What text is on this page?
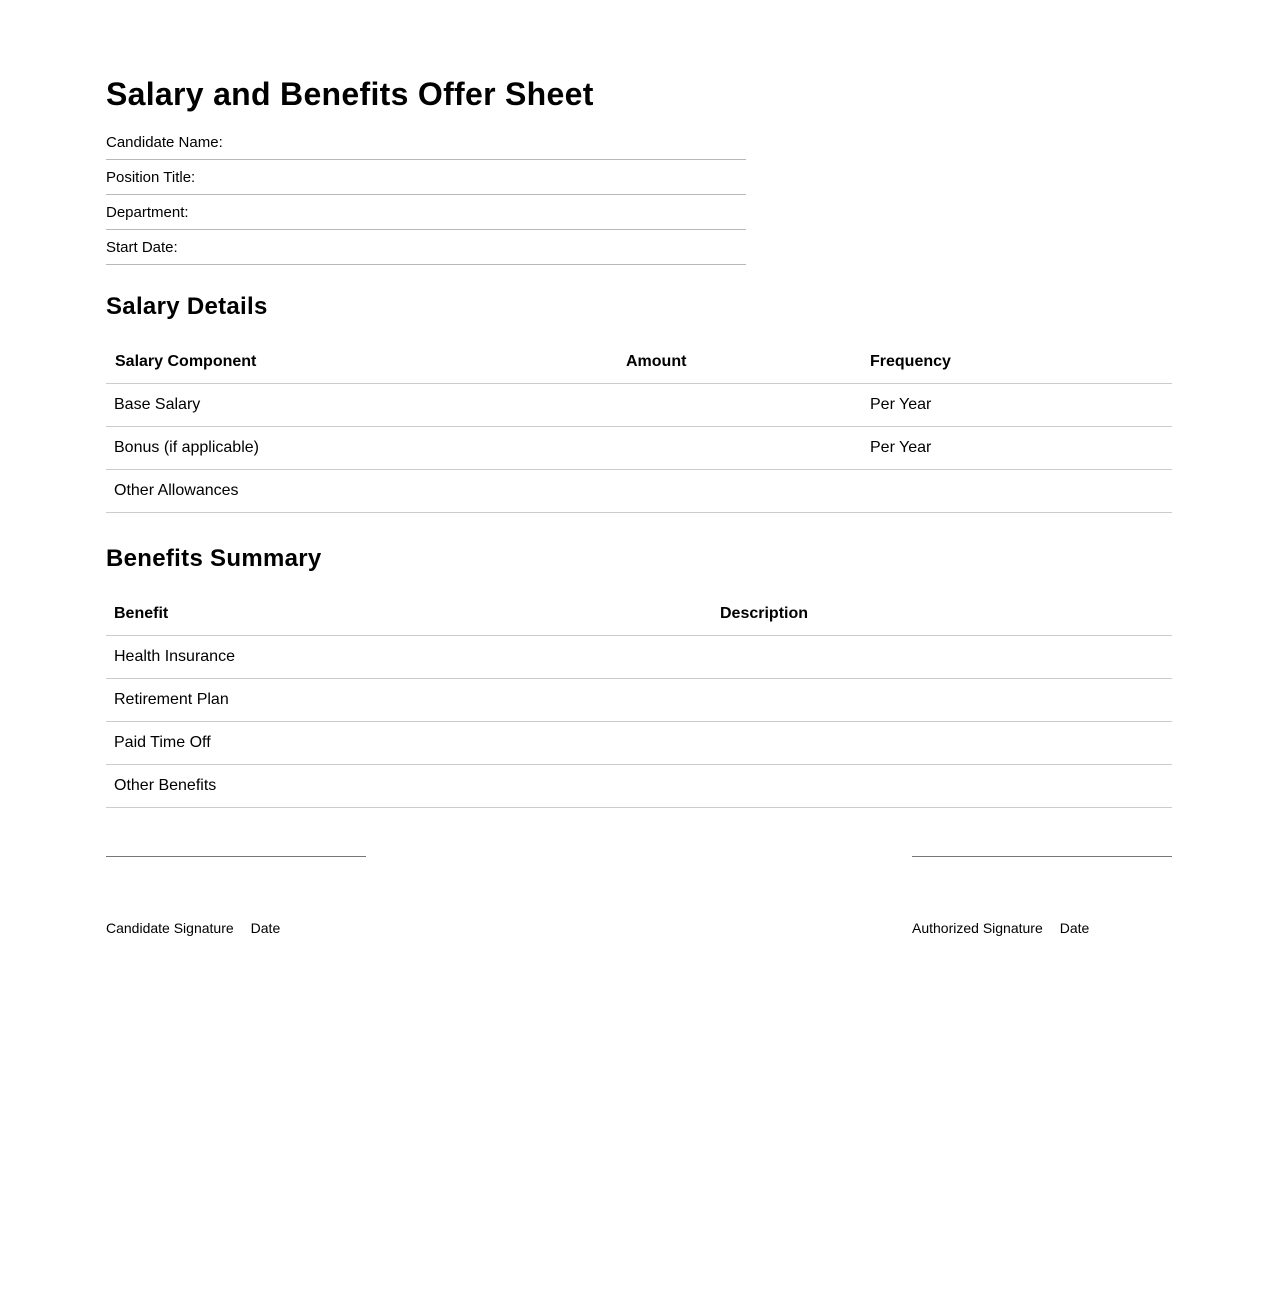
Salary and Benefits Offer Sheet
Candidate Name:
Position Title:
Department:
Start Date:
Salary Details
Salary Component	Amount	Frequency
Base Salary		Per Year
Bonus (if applicable)		Per Year
Other Allowances		
Benefits Summary
Benefit	Description
Health Insurance	
Retirement Plan	
Paid Time Off	
Other Benefits	
Candidate Signature Date	Authorized Signature Date
